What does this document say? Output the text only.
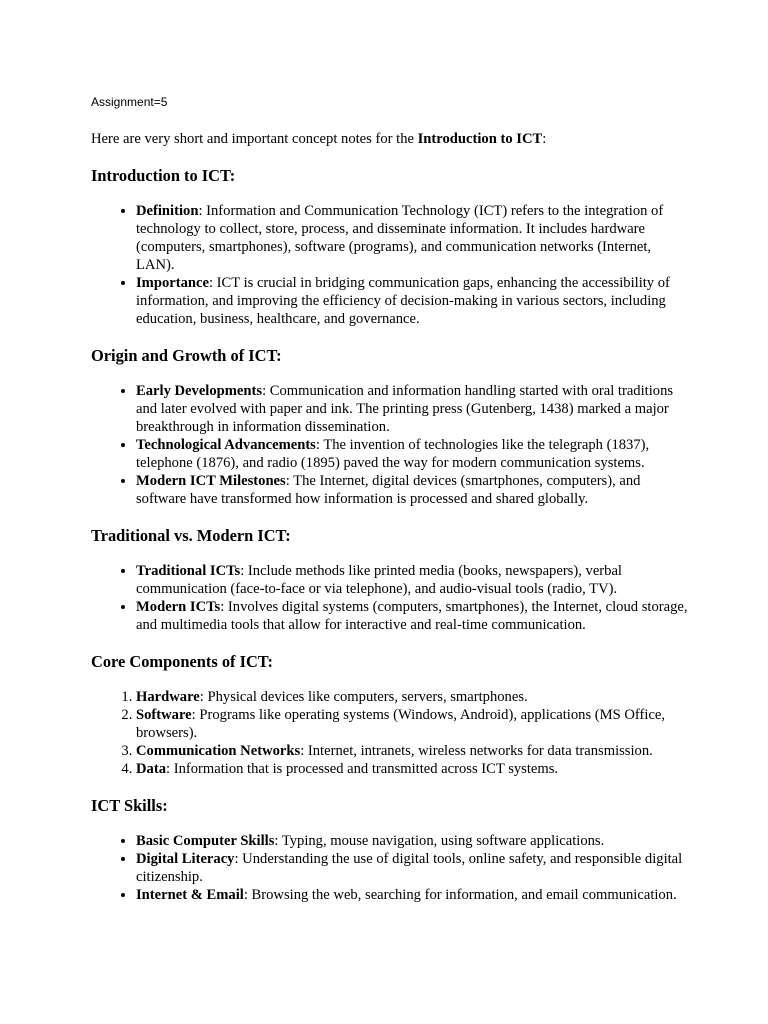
Assignment=5

Here are very short and important concept notes for the Introduction to ICT:

Introduction to ICT:
• Definition: Information and Communication Technology (ICT) refers to the integration of technology to collect, store, process, and disseminate information. It includes hardware (computers, smartphones), software (programs), and communication networks (Internet, LAN).
• Importance: ICT is crucial in bridging communication gaps, enhancing the accessibility of information, and improving the efficiency of decision-making in various sectors, including education, business, healthcare, and governance.
Origin and Growth of ICT:
• Early Developments: Communication and information handling started with oral traditions and later evolved with paper and ink. The printing press (Gutenberg, 1438) marked a major breakthrough in information dissemination.
• Technological Advancements: The invention of technologies like the telegraph (1837), telephone (1876), and radio (1895) paved the way for modern communication systems.
• Modern ICT Milestones: The Internet, digital devices (smartphones, computers), and software have transformed how information is processed and shared globally.
Traditional vs. Modern ICT:
• Traditional ICTs: Include methods like printed media (books, newspapers), verbal communication (face-to-face or via telephone), and audio-visual tools (radio, TV).
• Modern ICTs: Involves digital systems (computers, smartphones), the Internet, cloud storage, and multimedia tools that allow for interactive and real-time communication.
Core Components of ICT:
1. Hardware: Physical devices like computers, servers, smartphones.
2. Software: Programs like operating systems (Windows, Android), applications (MS Office, browsers).
3. Communication Networks: Internet, intranets, wireless networks for data transmission.
4. Data: Information that is processed and transmitted across ICT systems.
ICT Skills:
• Basic Computer Skills: Typing, mouse navigation, using software applications.
• Digital Literacy: Understanding the use of digital tools, online safety, and responsible digital citizenship.
• Internet & Email: Browsing the web, searching for information, and email communication.
